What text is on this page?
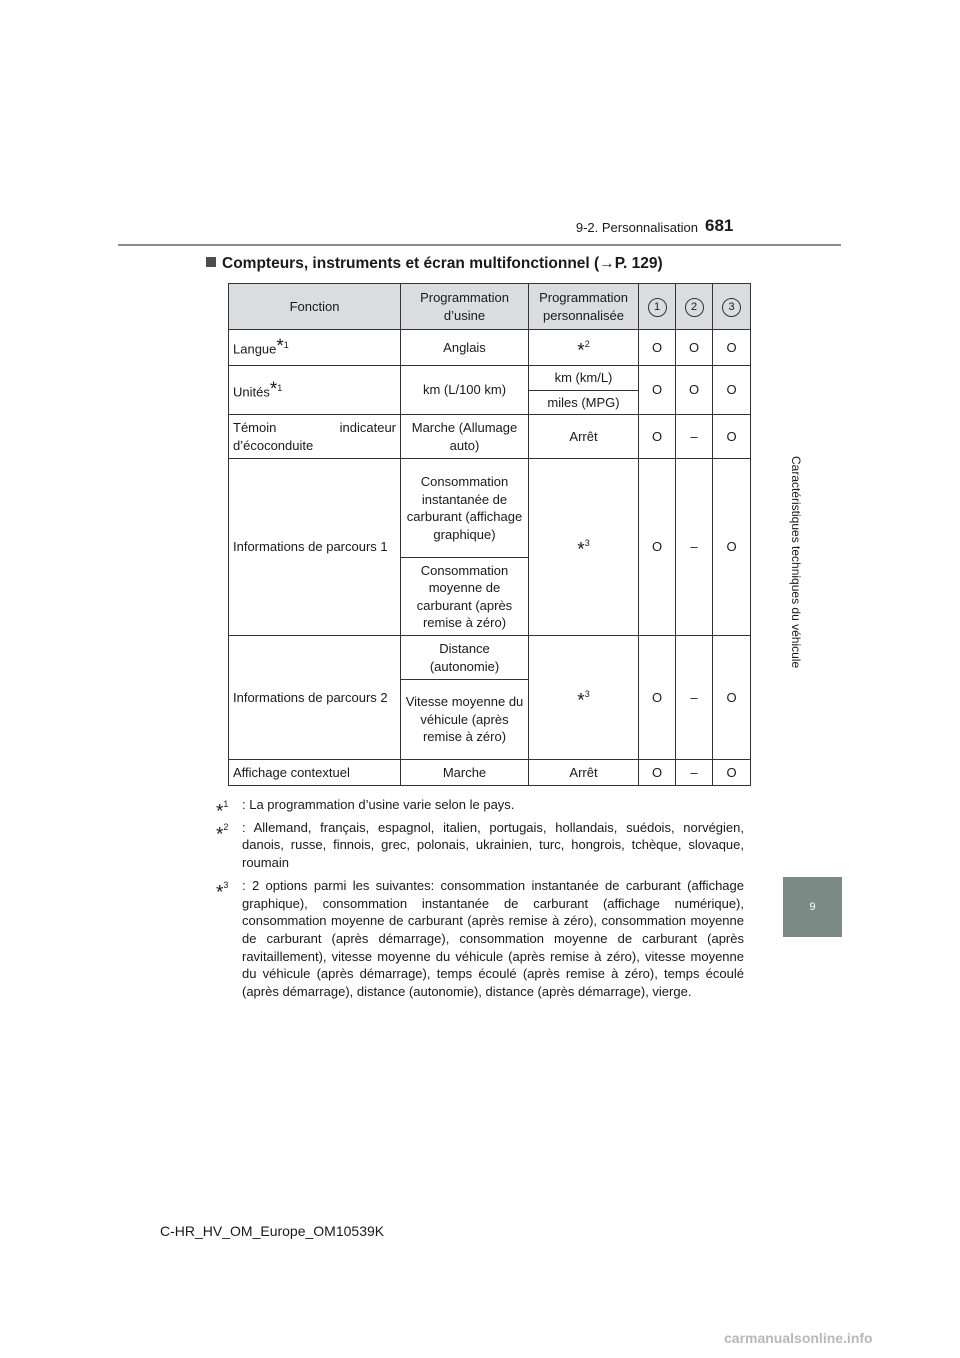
9-2. Personnalisation 681
Caractéristiques techniques du véhicule
9
Compteurs, instruments et écran multifonctionnel (→P. 129)
Fonction	Programmation d’usine	Programmation personnalisée	1	2	3
Langue$^{*1}$	Anglais	*$^2$	O	O	O
Unités$^{*1}$	km (L/100 km)	km (km/L)	O	O	O
		miles (MPG)			
Témoin indicateur d’écoconduite	Marche (Allumage auto)	Arrêt	O	–	O
Informations de parcours 1	Consommation instantanée de carburant (affichage graphique)	*$^3$	O	–	O
	Consommation moyenne de carburant (après remise à zéro)				
Informations de parcours 2	Distance (autonomie)	*$^3$	O	–	O
	Vitesse moyenne du véhicule (après remise à zéro)				
Affichage contextuel	Marche	Arrêt	O	–	O
*$^1$ : La programmation d’usine varie selon le pays.
*$^2$ : Allemand, français, espagnol, italien, portugais, hollandais, suédois, norvégien, danois, russe, finnois, grec, polonais, ukrainien, turc, hongrois, tchèque, slovaque, roumain
*$^3$ : 2 options parmi les suivantes: consommation instantanée de carburant (affichage graphique), consommation instantanée de carburant (affichage numérique), consommation moyenne de carburant (après remise à zéro), consommation moyenne de carburant (après démarrage), consommation moyenne de carburant (après ravitaillement), vitesse moyenne du véhicule (après remise à zéro), vitesse moyenne du véhicule (après démarrage), temps écoulé (après remise à zéro), temps écoulé (après démarrage), distance (autonomie), distance (après démarrage), vierge.
C-HR_HV_OM_Europe_OM10539K
carmanualsonline.info
